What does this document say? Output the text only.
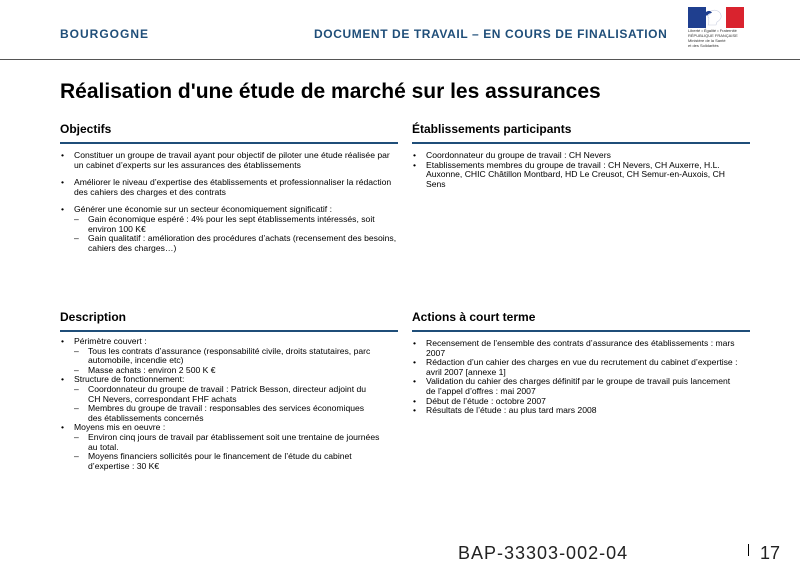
BOURGOGNE	DOCUMENT DE TRAVAIL – EN COURS DE FINALISATION	Liberté • Égalité • Fraternité
RÉPUBLIQUE FRANÇAISE
Ministère de la Santé
et des Solidarités
Réalisation d'une étude de marché sur les assurances
Objectifs
• Constituer un groupe de travail ayant pour objectif de piloter une étude réalisée par un cabinet d’experts sur les assurances des établissements
• Améliorer le niveau d’expertise des établissements et professionnaliser la rédaction des cahiers des charges et des contrats
• Générer une économie sur un secteur économiquement significatif :
– Gain économique espéré : 4% pour les sept établissements intéressés, soit environ 100 K€
– Gain qualitatif : amélioration des procédures d’achats (recensement des besoins, cahiers des charges…)
Établissements participants
• Coordonnateur du groupe de travail : CH Nevers
• Etablissements membres du groupe de travail : CH Nevers, CH Auxerre, H.L. Auxonne, CHIC Châtillon Montbard, HD Le Creusot, CH Semur-en-Auxois, CH Sens
Description
• Périmètre couvert :
– Tous les contrats d’assurance (responsabilité civile, droits statutaires, parc automobile, incendie etc)
– Masse achats : environ 2 500 K €
• Structure de fonctionnement:
– Coordonnateur du groupe de travail : Patrick Besson, directeur adjoint du CH Nevers, correspondant FHF achats
– Membres du groupe de travail : responsables des services économiques des établissements concernés
• Moyens mis en oeuvre :
– Environ cinq jours de travail par établissement soit une trentaine de journées au total.
– Moyens financiers sollicités pour le financement de l’étude du cabinet d’expertise : 30 K€
Actions à court terme
• Recensement de l’ensemble des contrats d’assurance des établissements : mars 2007
• Rédaction d’un cahier des charges en vue du recrutement du cabinet d’expertise : avril 2007 [annexe 1]
• Validation du cahier des charges définitif par le groupe de travail puis lancement de l’appel d’offres : mai 2007
• Début de l’étude : octobre 2007
• Résultats de l’étude : au plus tard mars 2008
BAP-33303-002-04	17
